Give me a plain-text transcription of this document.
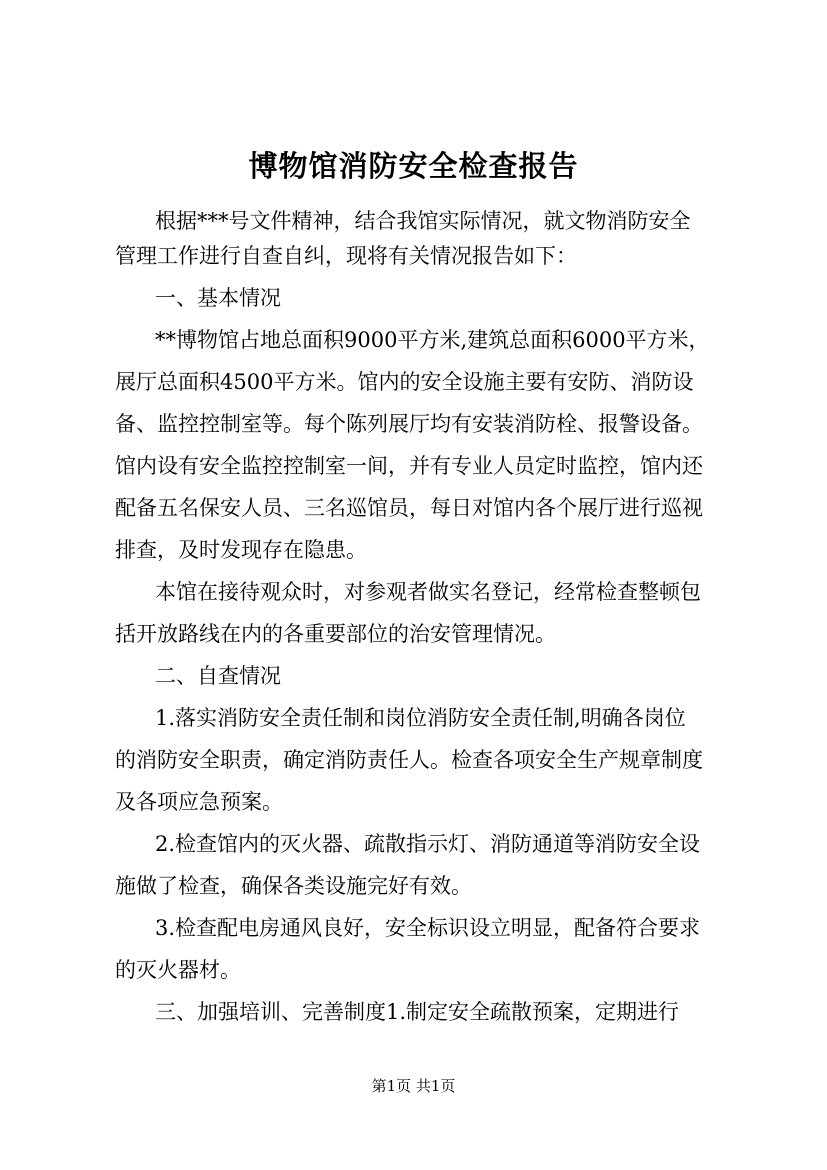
博物馆消防安全检查报告
根据***号文件精神，结合我馆实际情况，就文物消防安全
管理工作进行自查自纠，现将有关情况报告如下：
一、基本情况
**博物馆占地总面积9000平方米,建筑总面积6000平方米，
展厅总面积4500平方米。馆内的安全设施主要有安防、消防设
备、监控控制室等。每个陈列展厅均有安装消防栓、报警设备。
馆内设有安全监控控制室一间，并有专业人员定时监控，馆内还
配备五名保安人员、三名巡馆员，每日对馆内各个展厅进行巡视
排查，及时发现存在隐患。
本馆在接待观众时，对参观者做实名登记，经常检查整顿包
括开放路线在内的各重要部位的治安管理情况。
二、自查情况
1.落实消防安全责任制和岗位消防安全责任制,明确各岗位
的消防安全职责，确定消防责任人。检查各项安全生产规章制度
及各项应急预案。
2.检查馆内的灭火器、疏散指示灯、消防通道等消防安全设
施做了检查，确保各类设施完好有效。
3.检查配电房通风良好，安全标识设立明显，配备符合要求
的灭火器材。
三、加强培训、完善制度1.制定安全疏散预案，定期进行
第1页 共1页
